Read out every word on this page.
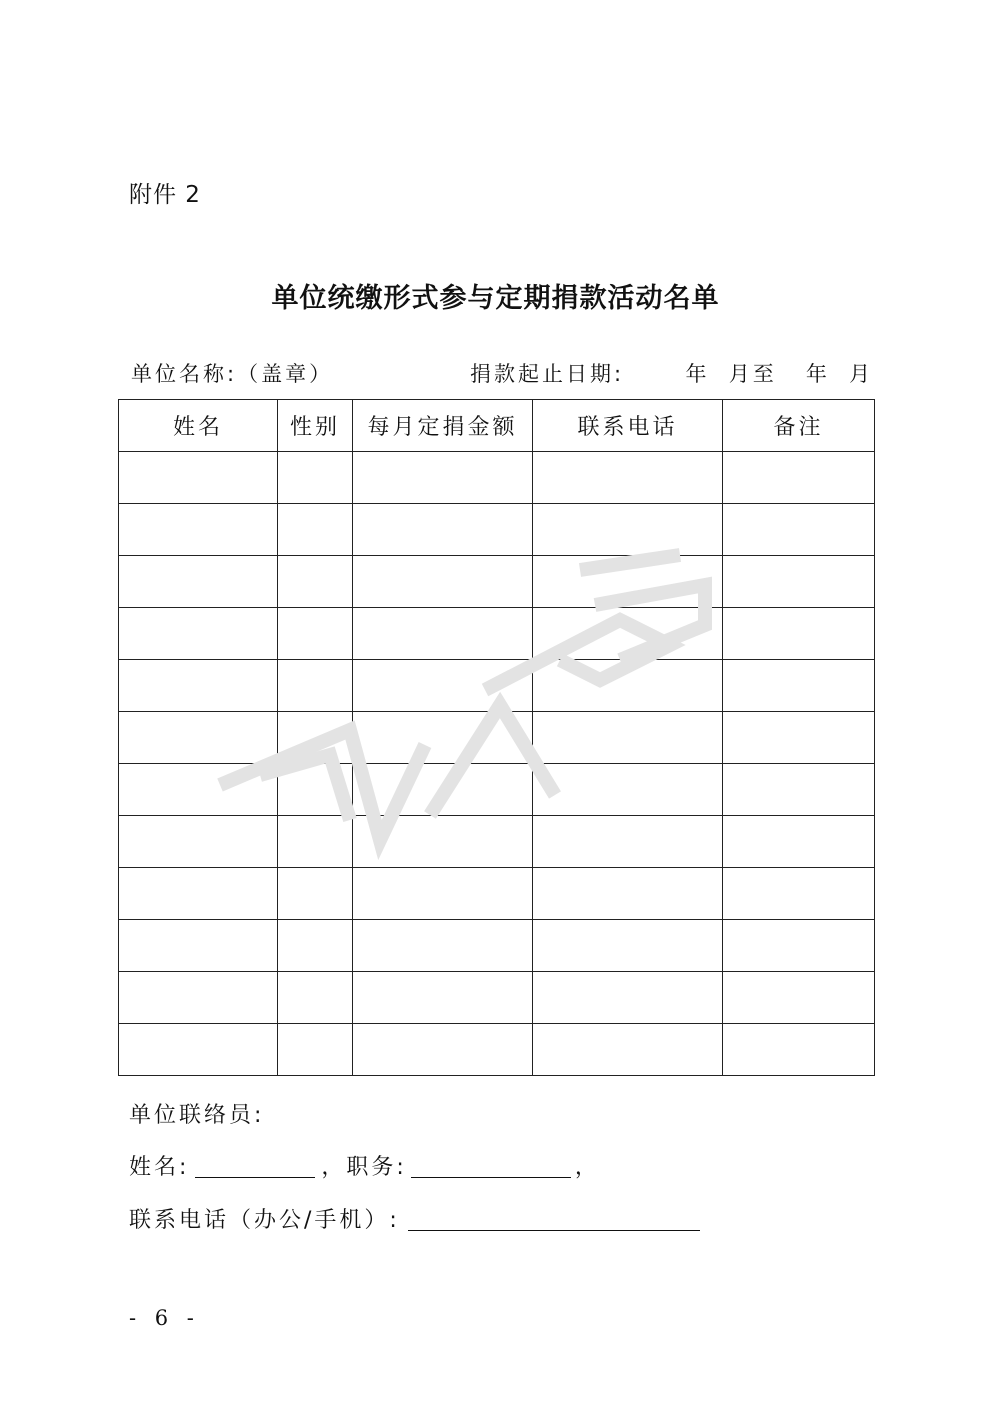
附件 2
单位统缴形式参与定期捐款活动名单
单位名称:（盖章）	捐款起止日期:	年  月至   年  月
姓名	性别	每月定捐金额	联系电话	备注

单位联络员:
姓名:	，职务:	，
联系电话（办公/手机）:
- 6 -
